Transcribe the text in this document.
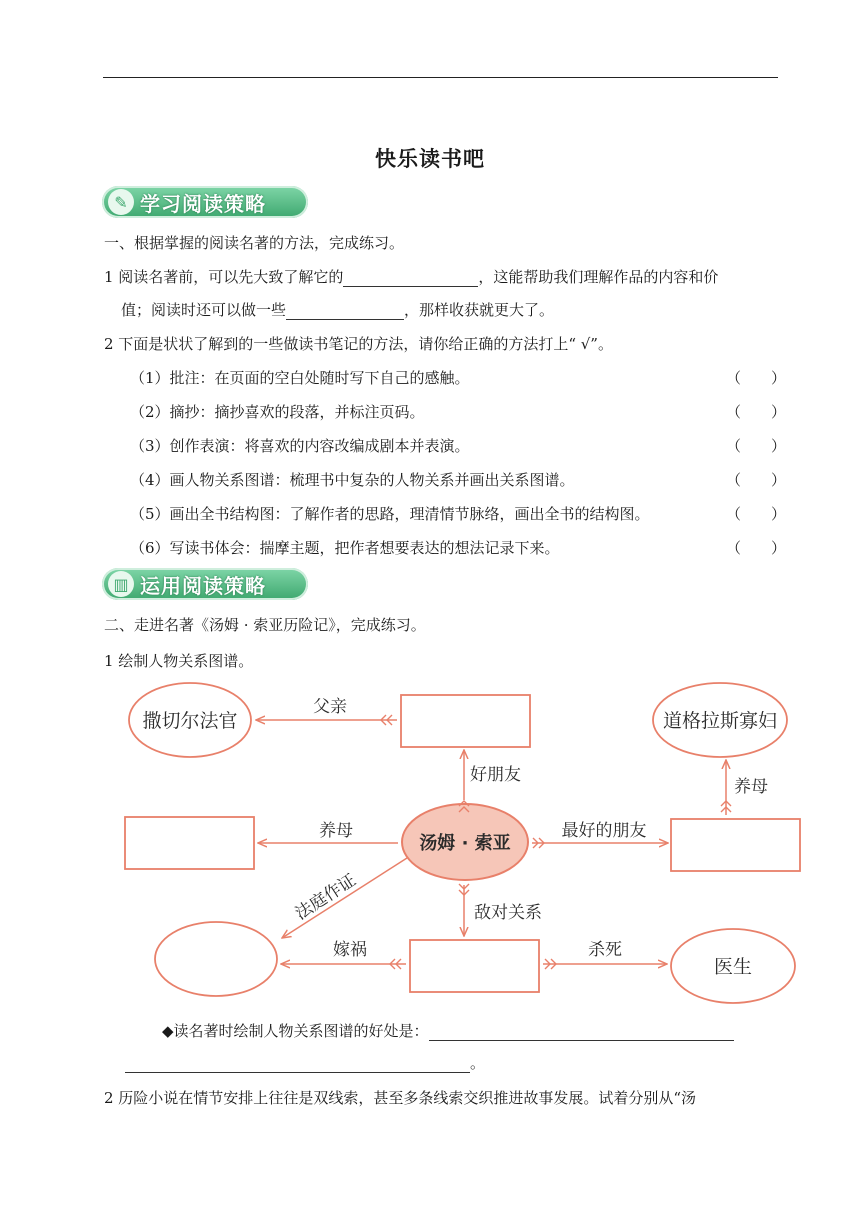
快乐读书吧
✎ 学习阅读策略
一、根据掌握的阅读名著的方法，完成练习。
1 阅读名著前，可以先大致了解它的	，这能帮助我们理解作品的内容和价
值；阅读时还可以做一些	，那样收获就更大了。
2 下面是状状了解到的一些做读书笔记的方法，请你给正确的方法打上“ √”。
（1）批注：在页面的空白处随时写下自己的感触。
（2）摘抄：摘抄喜欢的段落，并标注页码。
（3）创作表演：将喜欢的内容改编成剧本并表演。
（4）画人物关系图谱：梳理书中复杂的人物关系并画出关系图谱。
（5）画出全书结构图：了解作者的思路，理清情节脉络，画出全书的结构图。
（6）写读书体会：揣摩主题，把作者想要表达的想法记录下来。
（　　）
（　　）
（　　）
（　　）
（　　）
（　　）
▥ 运用阅读策略
二、走进名著《汤姆 · 索亚历险记》，完成练习。
1 绘制人物关系图谱。
汤姆 · 索亚
撒切尔法官	道格拉斯寡妇
医生
父亲
好朋友
养母
养母	最好的朋友
法庭作证	敌对关系
嫁祸	杀死
◆读名著时绘制人物关系图谱的好处是：
。
2 历险小说在情节安排上往往是双线索，甚至多条线索交织推进故事发展。试着分别从“汤
